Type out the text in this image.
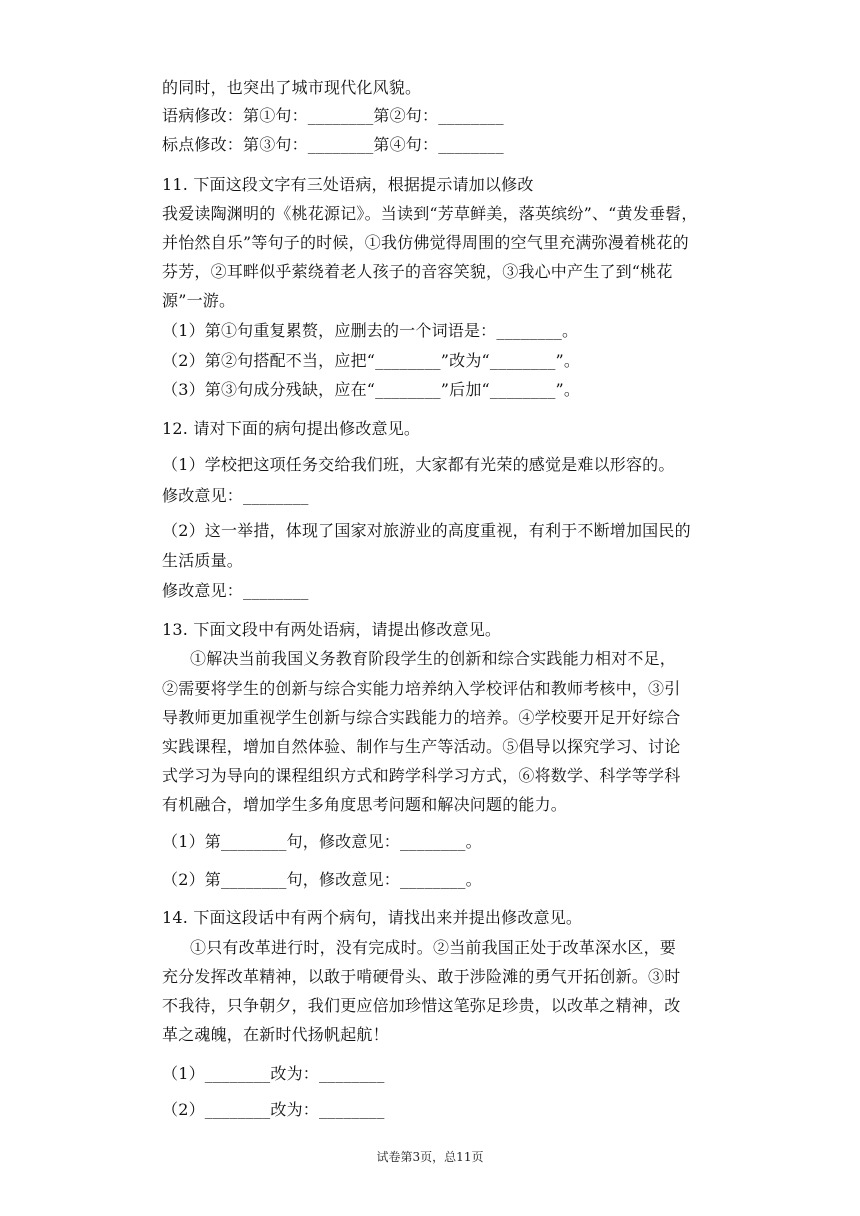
的同时，也突出了城市现代化风貌。
语病修改：第①句：________第②句：________
标点修改：第③句：________第④句：________
11. 下面这段文字有三处语病，根据提示请加以修改
我爱读陶渊明的《桃花源记》。当读到“芳草鲜美，落英缤纷”、“黄发垂髫，
并怡然自乐”等句子的时候，①我仿佛觉得周围的空气里充满弥漫着桃花的
芬芳，②耳畔似乎萦绕着老人孩子的音容笑貌，③我心中产生了到“桃花
源”一游。
（1）第①句重复累赘，应删去的一个词语是：________。
（2）第②句搭配不当，应把“________”改为“________”。
（3）第③句成分残缺，应在“________”后加“________”。
12. 请对下面的病句提出修改意见。
（1）学校把这项任务交给我们班，大家都有光荣的感觉是难以形容的。
修改意见：________
（2）这一举措，体现了国家对旅游业的高度重视，有利于不断增加国民的
生活质量。
修改意见：________
13. 下面文段中有两处语病，请提出修改意见。
①解决当前我国义务教育阶段学生的创新和综合实践能力相对不足，
②需要将学生的创新与综合实能力培养纳入学校评估和教师考核中，③引
导教师更加重视学生创新与综合实践能力的培养。④学校要开足开好综合
实践课程，增加自然体验、制作与生产等活动。⑤倡导以探究学习、讨论
式学习为导向的课程组织方式和跨学科学习方式，⑥将数学、科学等学科
有机融合，增加学生多角度思考问题和解决问题的能力。
（1）第________句，修改意见：________。
（2）第________句，修改意见：________。
14. 下面这段话中有两个病句，请找出来并提出修改意见。
①只有改革进行时，没有完成时。②当前我国正处于改革深水区，要
充分发挥改革精神，以敢于啃硬骨头、敢于涉险滩的勇气开拓创新。③时
不我待，只争朝夕，我们更应倍加珍惜这笔弥足珍贵，以改革之精神，改
革之魂魄，在新时代扬帆起航！
（1）________改为：________
（2）________改为：________
试卷第3页，总11页
